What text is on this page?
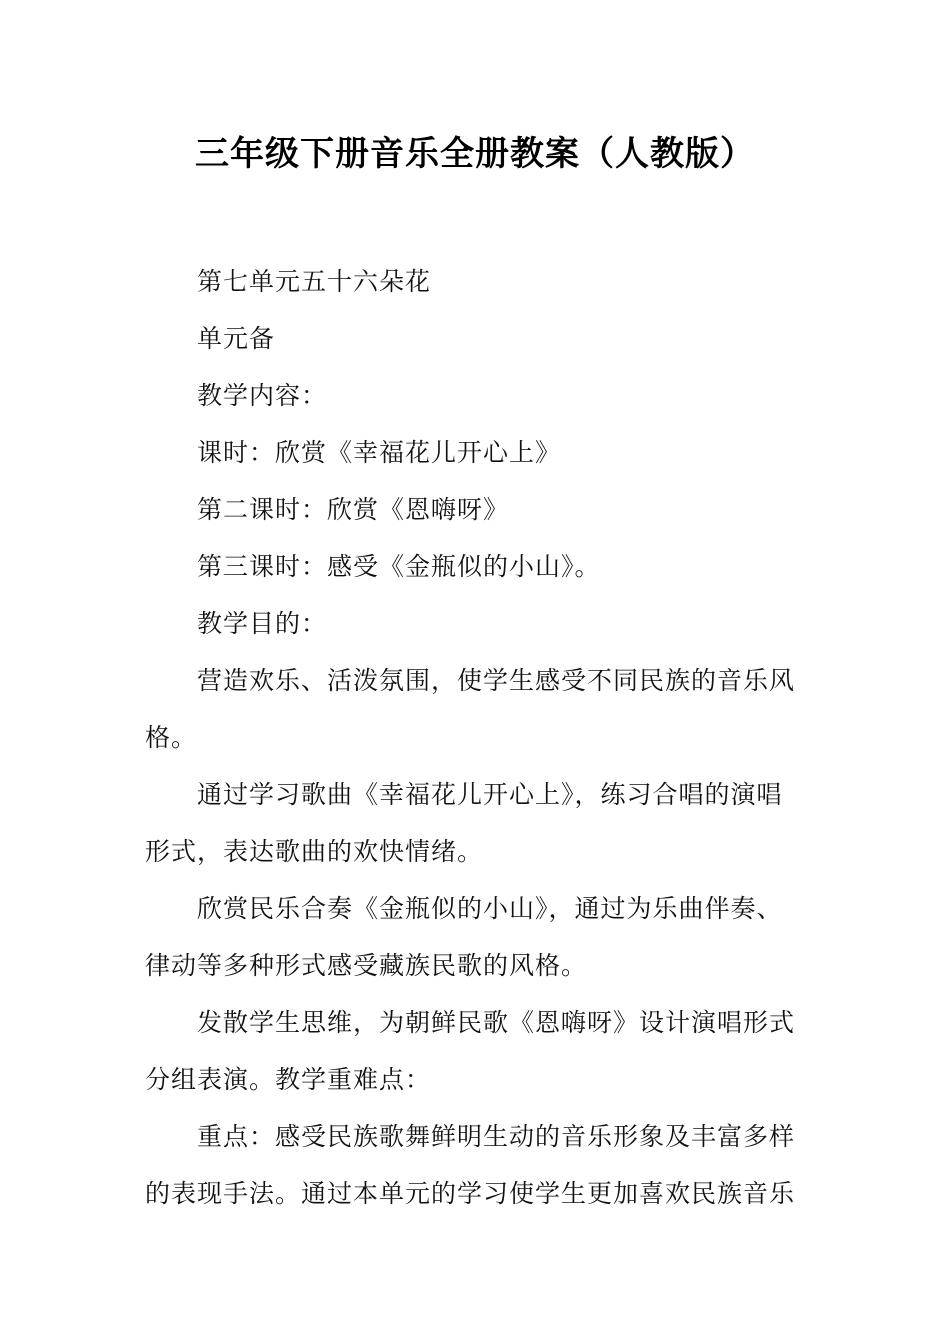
三年级下册音乐全册教案（人教版）

第七单元五十六朵花

单元备

教学内容：

课时：欣赏《幸福花儿开心上》

第二课时：欣赏《恩嗨呀》

第三课时：感受《金瓶似的小山》。

教学目的：

营造欢乐、活泼氛围，使学生感受不同民族的音乐风

格。

通过学习歌曲《幸福花儿开心上》，练习合唱的演唱

形式，表达歌曲的欢快情绪。

欣赏民乐合奏《金瓶似的小山》，通过为乐曲伴奏、

律动等多种形式感受藏族民歌的风格。

发散学生思维，为朝鲜民歌《恩嗨呀》设计演唱形式

分组表演。教学重难点：

重点：感受民族歌舞鲜明生动的音乐形象及丰富多样

的表现手法。通过本单元的学习使学生更加喜欢民族音乐
